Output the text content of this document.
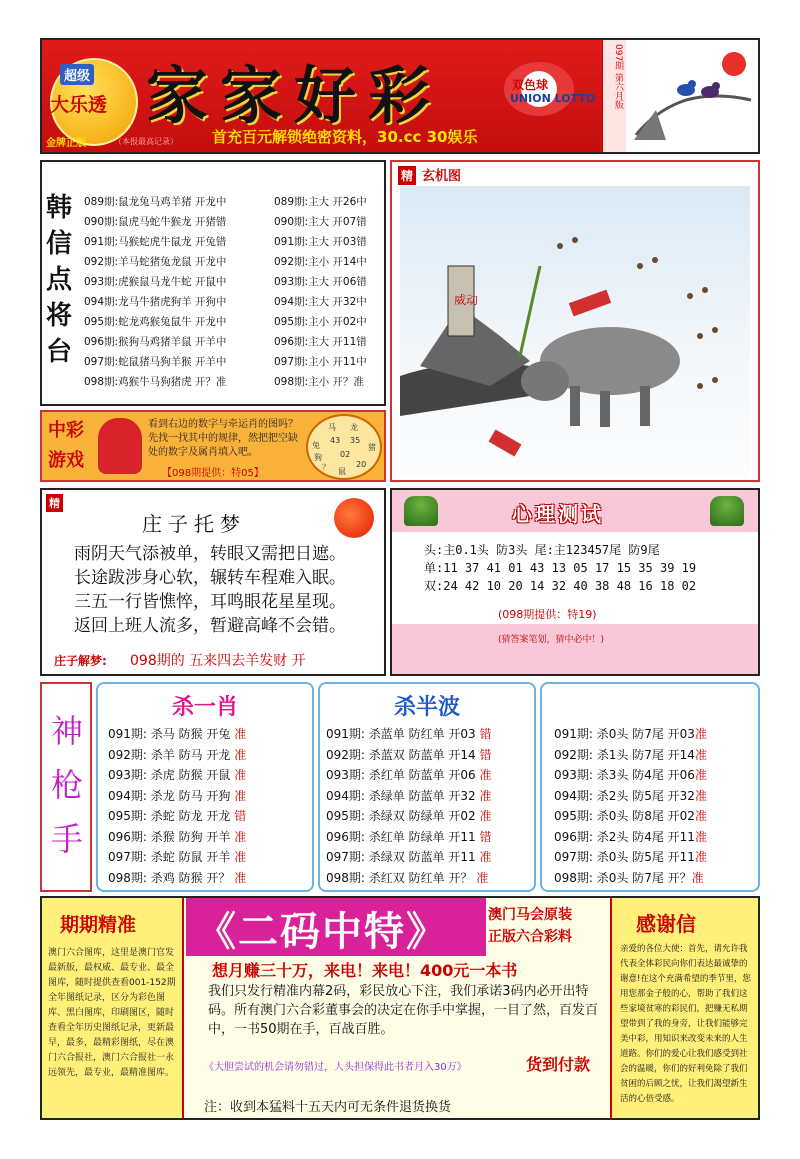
超级
大乐透
金牌正版	（本报最高记录）
家家好彩	双色球
UNION LOTTO
首充百元解锁绝密资料，30.cc 30娱乐
097期 第六月版
韩信点将台
089期:鼠龙兔马鸡羊猪 开龙中	089期:主大 开26中
090期:鼠虎马蛇牛猴龙 开猪错	090期:主大 开07错
091期:马猴蛇虎牛鼠龙 开兔错	091期:主大 开03错
092期:羊马蛇猪兔龙鼠 开龙中	092期:主小 开14中
093期:虎猴鼠马龙牛蛇 开鼠中	093期:主大 开06错
094期:龙马牛猪虎狗羊 开狗中	094期:主大 开32中
095期:蛇龙鸡猴兔鼠牛 开龙中	095期:主小 开02中
096期:猴狗马鸡猪羊鼠 开羊中	096期:主大 开11错
097期:蛇鼠猪马狗羊猴 开羊中	097期:主小 开11中
098期:鸡猴牛马狗猪虎 开？准	098期:主小 开？准
精 玄机图
威动
中彩
游戏
看到右边的数字与牵运肖的图吗？先找一找其中的规律，然把把空缺处的数字及属肖填入吧。
【098期提供：特05】
马 龙
兔
43 35
狗
猪
02
鼠
？	20
精
庄子托梦
雨阴天气添被单，转眼又需把日遮。
长途跋涉身心软，辗转车程难入眠。
三五一行皆憔悴，耳鸣眼花星星现。
返回上班人流多，暂避高峰不会错。
庄子解梦: 098期的 五来四去羊发财 开
心理测试
头:主0.1头 防3头 尾:主123457尾 防9尾
单:11 37 41 01 43 13 05 17 15 35 39 19
双:24 42 10 20 14 32 40 38 48 16 18 02
(098期提供：特19)
(猜答案笔划，猜中必中！)
神枪手
杀一肖
091期: 杀马 防猴 开兔 准
092期: 杀羊 防马 开龙 准
093期: 杀虎 防猴 开鼠 准
094期: 杀龙 防马 开狗 准
095期: 杀蛇 防龙 开龙 错
096期: 杀猴 防狗 开羊 准
097期: 杀蛇 防鼠 开羊 准
098期: 杀鸡 防猴 开？ 准
杀半波
091期: 杀蓝单 防红单 开03 错
092期: 杀蓝双 防蓝单 开14 错
093期: 杀红单 防蓝单 开06 准
094期: 杀绿单 防蓝单 开32 准
095期: 杀绿双 防绿单 开02 准
096期: 杀红单 防绿单 开11 错
097期: 杀绿双 防蓝单 开11 准
098期: 杀红双 防红单 开？ 准
091期: 杀0头 防7尾 开03准
092期: 杀1头 防7尾 开14准
093期: 杀3头 防4尾 开06准
094期: 杀2头 防5尾 开32准
095期: 杀0头 防8尾 开02准
096期: 杀2头 防4尾 开11准
097期: 杀0头 防5尾 开11准
098期: 杀0头 防7尾 开？准
期期精准
澳门六合图库，这里是澳门官发最新版，最权威、最专业、最全图库，随时提供查看001-152期全年图纸记录，区分为彩色图库、黑白图库，印刷图区，随时查看全年历史图纸记录，更新最早，最多，最精彩图纸，尽在澳门六合报社，澳门六合报社一永远领先，最专业，最精准图库。
《二码中特》	澳门马会原装
正版六合彩料
想月赚三十万，来电！来电！400元一本书
我们只发行精准内幕2码，彩民放心下注，我们承诺3码内必开出特码。所有澳门六合彩董事会的决定在你手中掌握，一目了然，百发百中，一书50期在手，百战百胜。
《大胆尝试的机会请勿错过，人头担保得此书者月入30万》	货到付款
注：收到本猛料十五天内可无条件退货换货
感谢信
亲爱的各位大使：首先，请允许我代表全体彩民向你们表达最诚挚的谢意!在这个充满希望的季节里，您用您那金子般的心，帮助了我们这些家境贫寒的彩民们，把赚无私期望带到了我的身旁，让我们能够完美中彩，用知识来改变未来的人生道路。你们的爱心让我们感受到社会的温暖，你们的好利免除了我们贫困的后顾之忧，让我们渴望新生活的心倍受感。
